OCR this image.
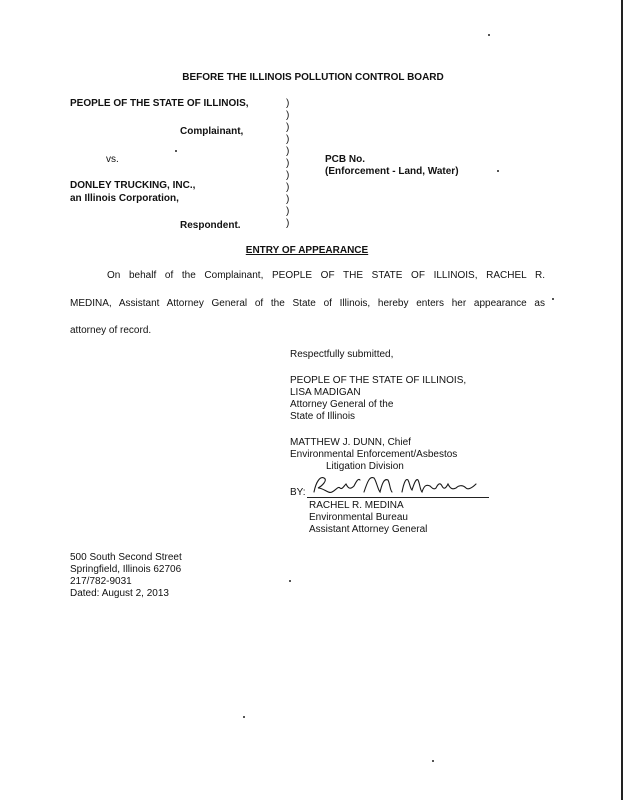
BEFORE THE ILLINOIS POLLUTION CONTROL BOARD
PEOPLE OF THE STATE OF ILLINOIS,
Complainant,
vs.
DONLEY TRUCKING, INC.,
an Illinois Corporation,
Respondent.
)
)
)
)
)
)
)
)
)
)
)
PCB No.
(Enforcement - Land, Water)
ENTRY OF APPEARANCE
On behalf of the Complainant, PEOPLE OF THE STATE OF ILLINOIS, RACHEL R.
MEDINA, Assistant Attorney General of the State of Illinois, hereby enters her appearance as
attorney of record.
Respectfully submitted,
PEOPLE OF THE STATE OF ILLINOIS,
LISA MADIGAN
Attorney General of the
State of Illinois
MATTHEW J. DUNN, Chief
Environmental Enforcement/Asbestos
Litigation Division
BY:
RACHEL R. MEDINA
Environmental Bureau
Assistant Attorney General
500 South Second Street
Springfield, Illinois 62706
217/782-9031
Dated: August 2, 2013
